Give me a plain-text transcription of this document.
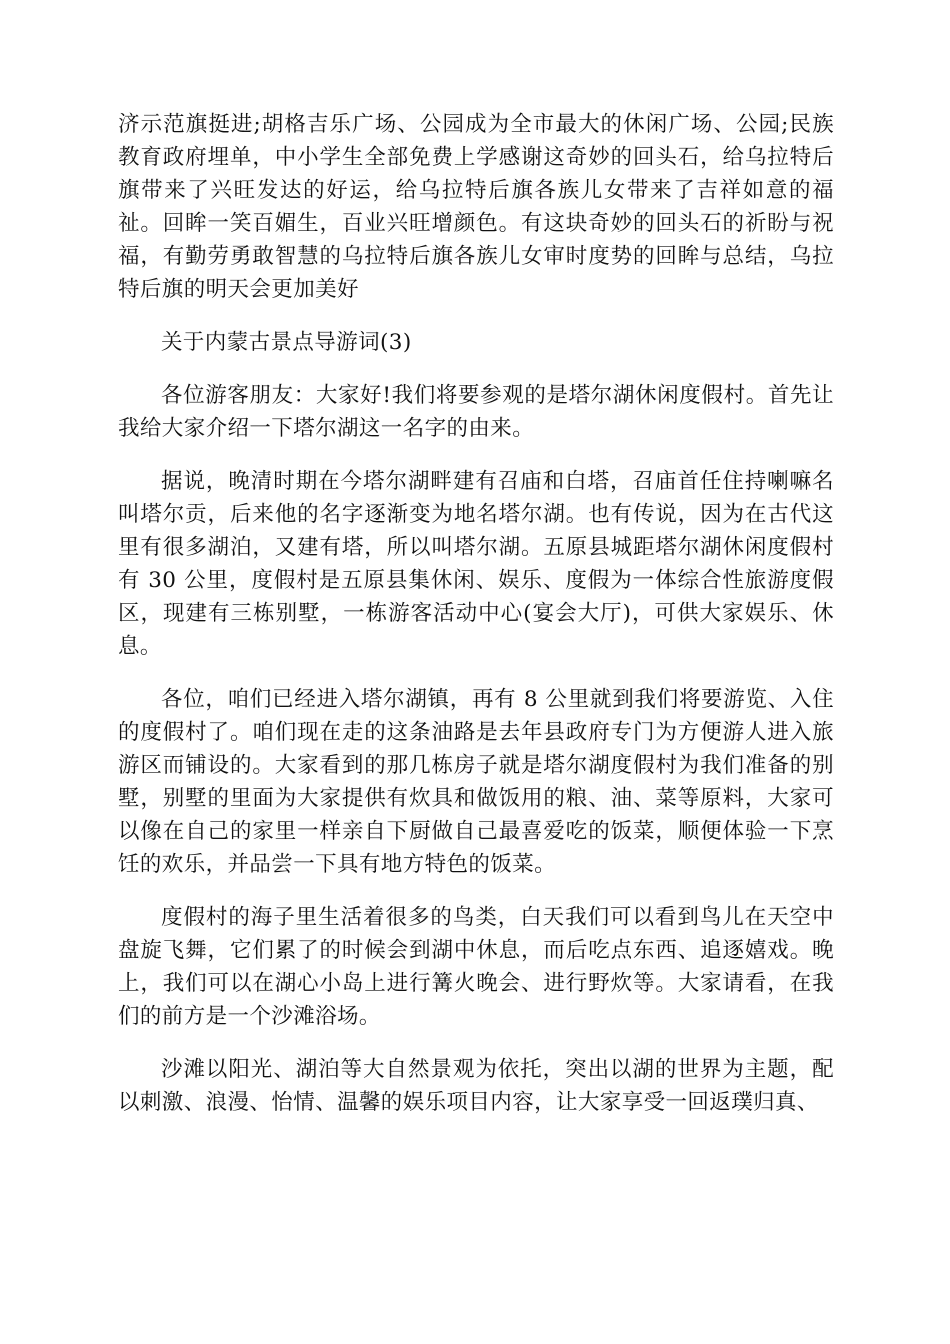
济示范旗挺进;胡格吉乐广场、公园成为全市最大的休闲广场、公园;民族教育政府埋单，中小学生全部免费上学感谢这奇妙的回头石，给乌拉特后旗带来了兴旺发达的好运，给乌拉特后旗各族儿女带来了吉祥如意的福祉。回眸一笑百媚生，百业兴旺增颜色。有这块奇妙的回头石的祈盼与祝福，有勤劳勇敢智慧的乌拉特后旗各族儿女审时度势的回眸与总结，乌拉特后旗的明天会更加美好

关于内蒙古景点导游词(3)

各位游客朋友：大家好!我们将要参观的是塔尔湖休闲度假村。首先让我给大家介绍一下塔尔湖这一名字的由来。

据说，晚清时期在今塔尔湖畔建有召庙和白塔，召庙首任住持喇嘛名叫塔尔贡，后来他的名字逐渐变为地名塔尔湖。也有传说，因为在古代这里有很多湖泊，又建有塔，所以叫塔尔湖。五原县城距塔尔湖休闲度假村有 30 公里，度假村是五原县集休闲、娱乐、度假为一体综合性旅游度假区，现建有三栋别墅，一栋游客活动中心(宴会大厅)，可供大家娱乐、休息。

各位，咱们已经进入塔尔湖镇，再有 8 公里就到我们将要游览、入住的度假村了。咱们现在走的这条油路是去年县政府专门为方便游人进入旅游区而铺设的。大家看到的那几栋房子就是塔尔湖度假村为我们准备的别墅，别墅的里面为大家提供有炊具和做饭用的粮、油、菜等原料，大家可以像在自己的家里一样亲自下厨做自己最喜爱吃的饭菜，顺便体验一下烹饪的欢乐，并品尝一下具有地方特色的饭菜。

度假村的海子里生活着很多的鸟类，白天我们可以看到鸟儿在天空中盘旋飞舞，它们累了的时候会到湖中休息，而后吃点东西、追逐嬉戏。晚上，我们可以在湖心小岛上进行篝火晚会、进行野炊等。大家请看，在我们的前方是一个沙滩浴场。

沙滩以阳光、湖泊等大自然景观为依托，突出以湖的世界为主题，配以刺激、浪漫、怡情、温馨的娱乐项目内容，让大家享受一回返璞归真、
